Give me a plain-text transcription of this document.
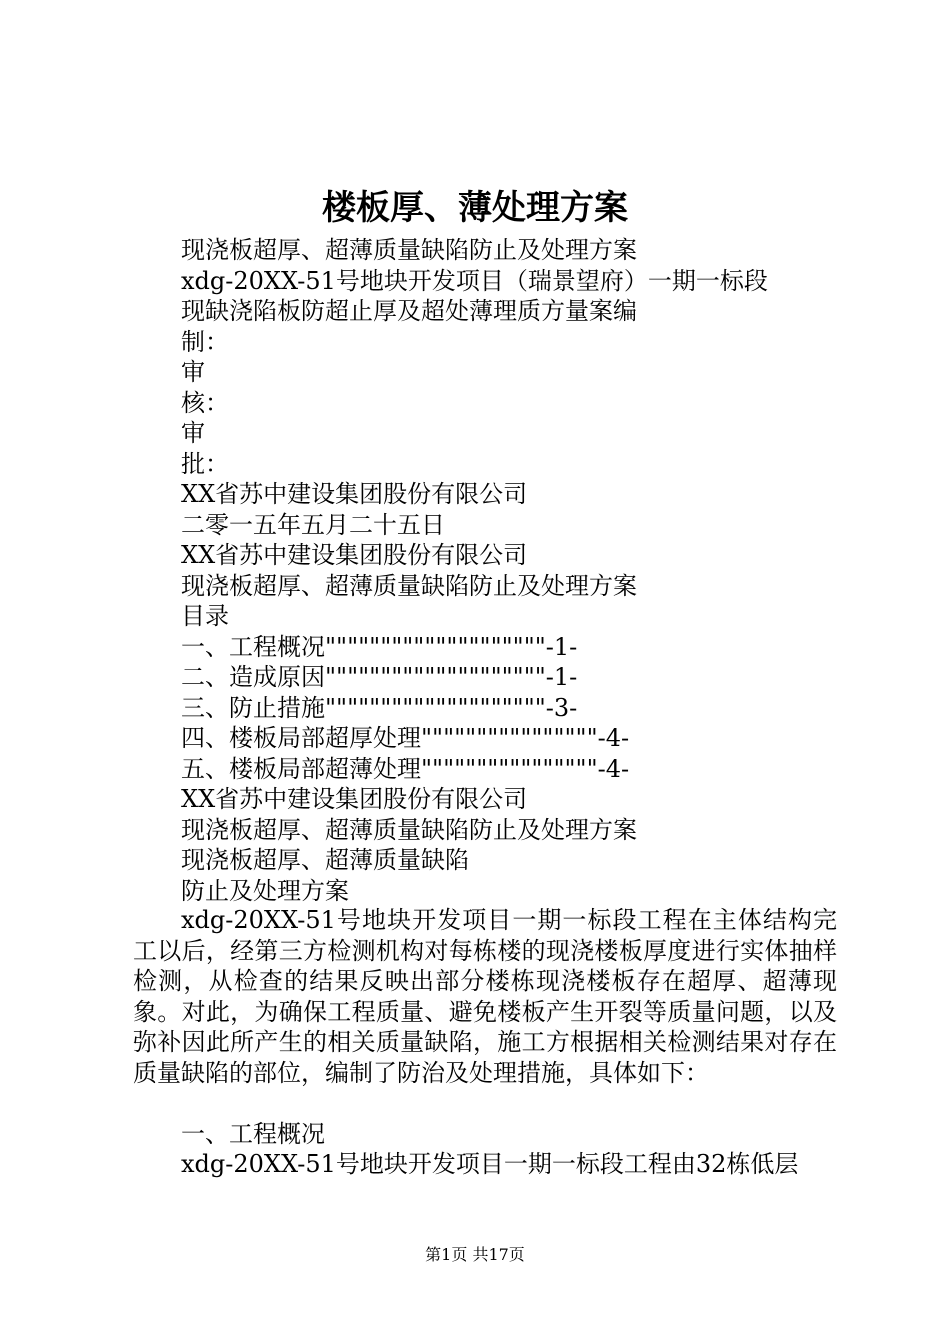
楼板厚、薄处理方案
现浇板超厚、超薄质量缺陷防止及处理方案
xdg-20XX-51号地块开发项目（瑞景望府）一期一标段
现缺浇陷板防超止厚及超处薄理质方量案编
制：
审
核：
审
批：
XX省苏中建设集团股份有限公司
二零一五年五月二十五日
XX省苏中建设集团股份有限公司
现浇板超厚、超薄质量缺陷防止及处理方案
目录
一、工程概况""""""""""""""""""""-1-
二、造成原因""""""""""""""""""""-1-
三、防止措施""""""""""""""""""""-3-
四、楼板局部超厚处理""""""""""""""""-4-
五、楼板局部超薄处理""""""""""""""""-4-
XX省苏中建设集团股份有限公司
现浇板超厚、超薄质量缺陷防止及处理方案
现浇板超厚、超薄质量缺陷
防止及处理方案

xdg-20XX-51号地块开发项目一期一标段工程在主体结构完工以后，经第三方检测机构对每栋楼的现浇楼板厚度进行实体抽样检测，从检查的结果反映出部分楼栋现浇楼板存在超厚、超薄现象。对此，为确保工程质量、避免楼板产生开裂等质量问题，以及弥补因此所产生的相关质量缺陷，施工方根据相关检测结果对存在质量缺陷的部位，编制了防治及处理措施，具体如下：

一、工程概况

xdg-20XX-51号地块开发项目一期一标段工程由32栋低层

第1页 共17页
